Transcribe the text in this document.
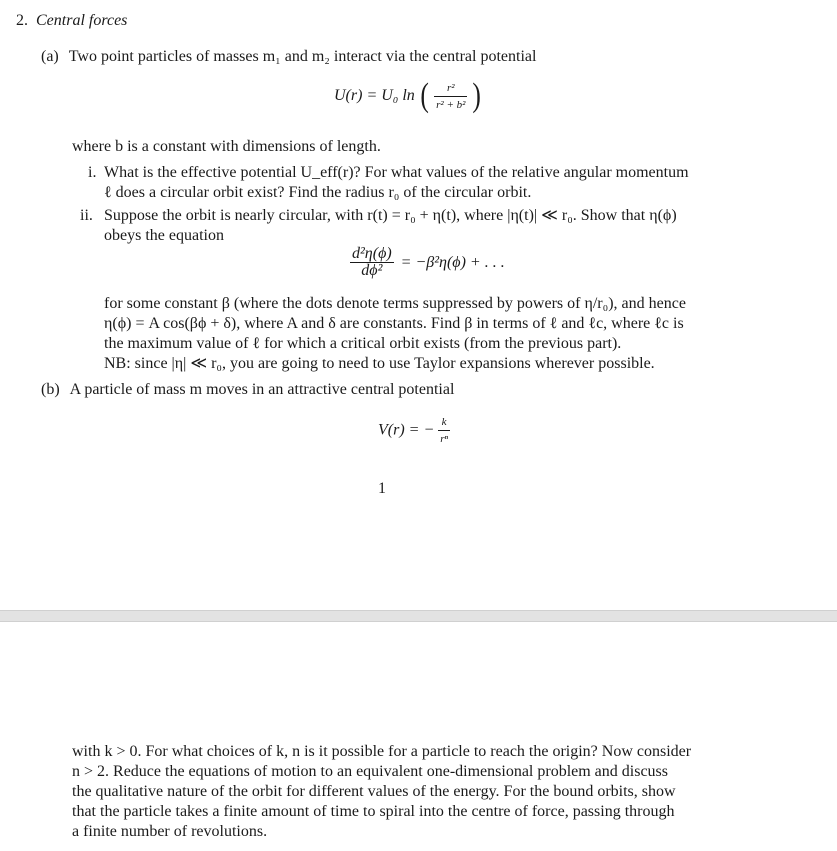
2. Central forces
(a) Two point particles of masses m₁ and m₂ interact via the central potential
U(r) = U₀ ln ( $\frac{\text{r²}}{\text{r² + b²}}$ )
where b is a constant with dimensions of length.
i. What is the effective potential U_eff(r)? For what values of the relative angular momentum
ℓ does a circular orbit exist? Find the radius r₀ of the circular orbit.
ii. Suppose the orbit is nearly circular, with r(t) = r₀ + η(t), where |η(t)| ≪ r₀. Show that η(ϕ)
obeys the equation
$\frac{\text{d²η(ϕ)}}{\text{dϕ²}} = -\beta^2\eta(\phi)$ + . . .
for some constant β (where the dots denote terms suppressed by powers of η/r₀), and hence
η(ϕ) = A cos(βϕ + δ), where A and δ are constants. Find β in terms of ℓ and ℓc, where ℓc is
the maximum value of ℓ for which a critical orbit exists (from the previous part).
NB: since |η| ≪ r₀, you are going to need to use Taylor expansions wherever possible.
(b) A particle of mass m moves in an attractive central potential
V(r) = − $\frac{k}{\text{rⁿ}}$
1
with k > 0. For what choices of k, n is it possible for a particle to reach the origin? Now consider
n > 2. Reduce the equations of motion to an equivalent one-dimensional problem and discuss
the qualitative nature of the orbit for different values of the energy. For the bound orbits, show
that the particle takes a finite amount of time to spiral into the centre of force, passing through
a finite number of revolutions.
